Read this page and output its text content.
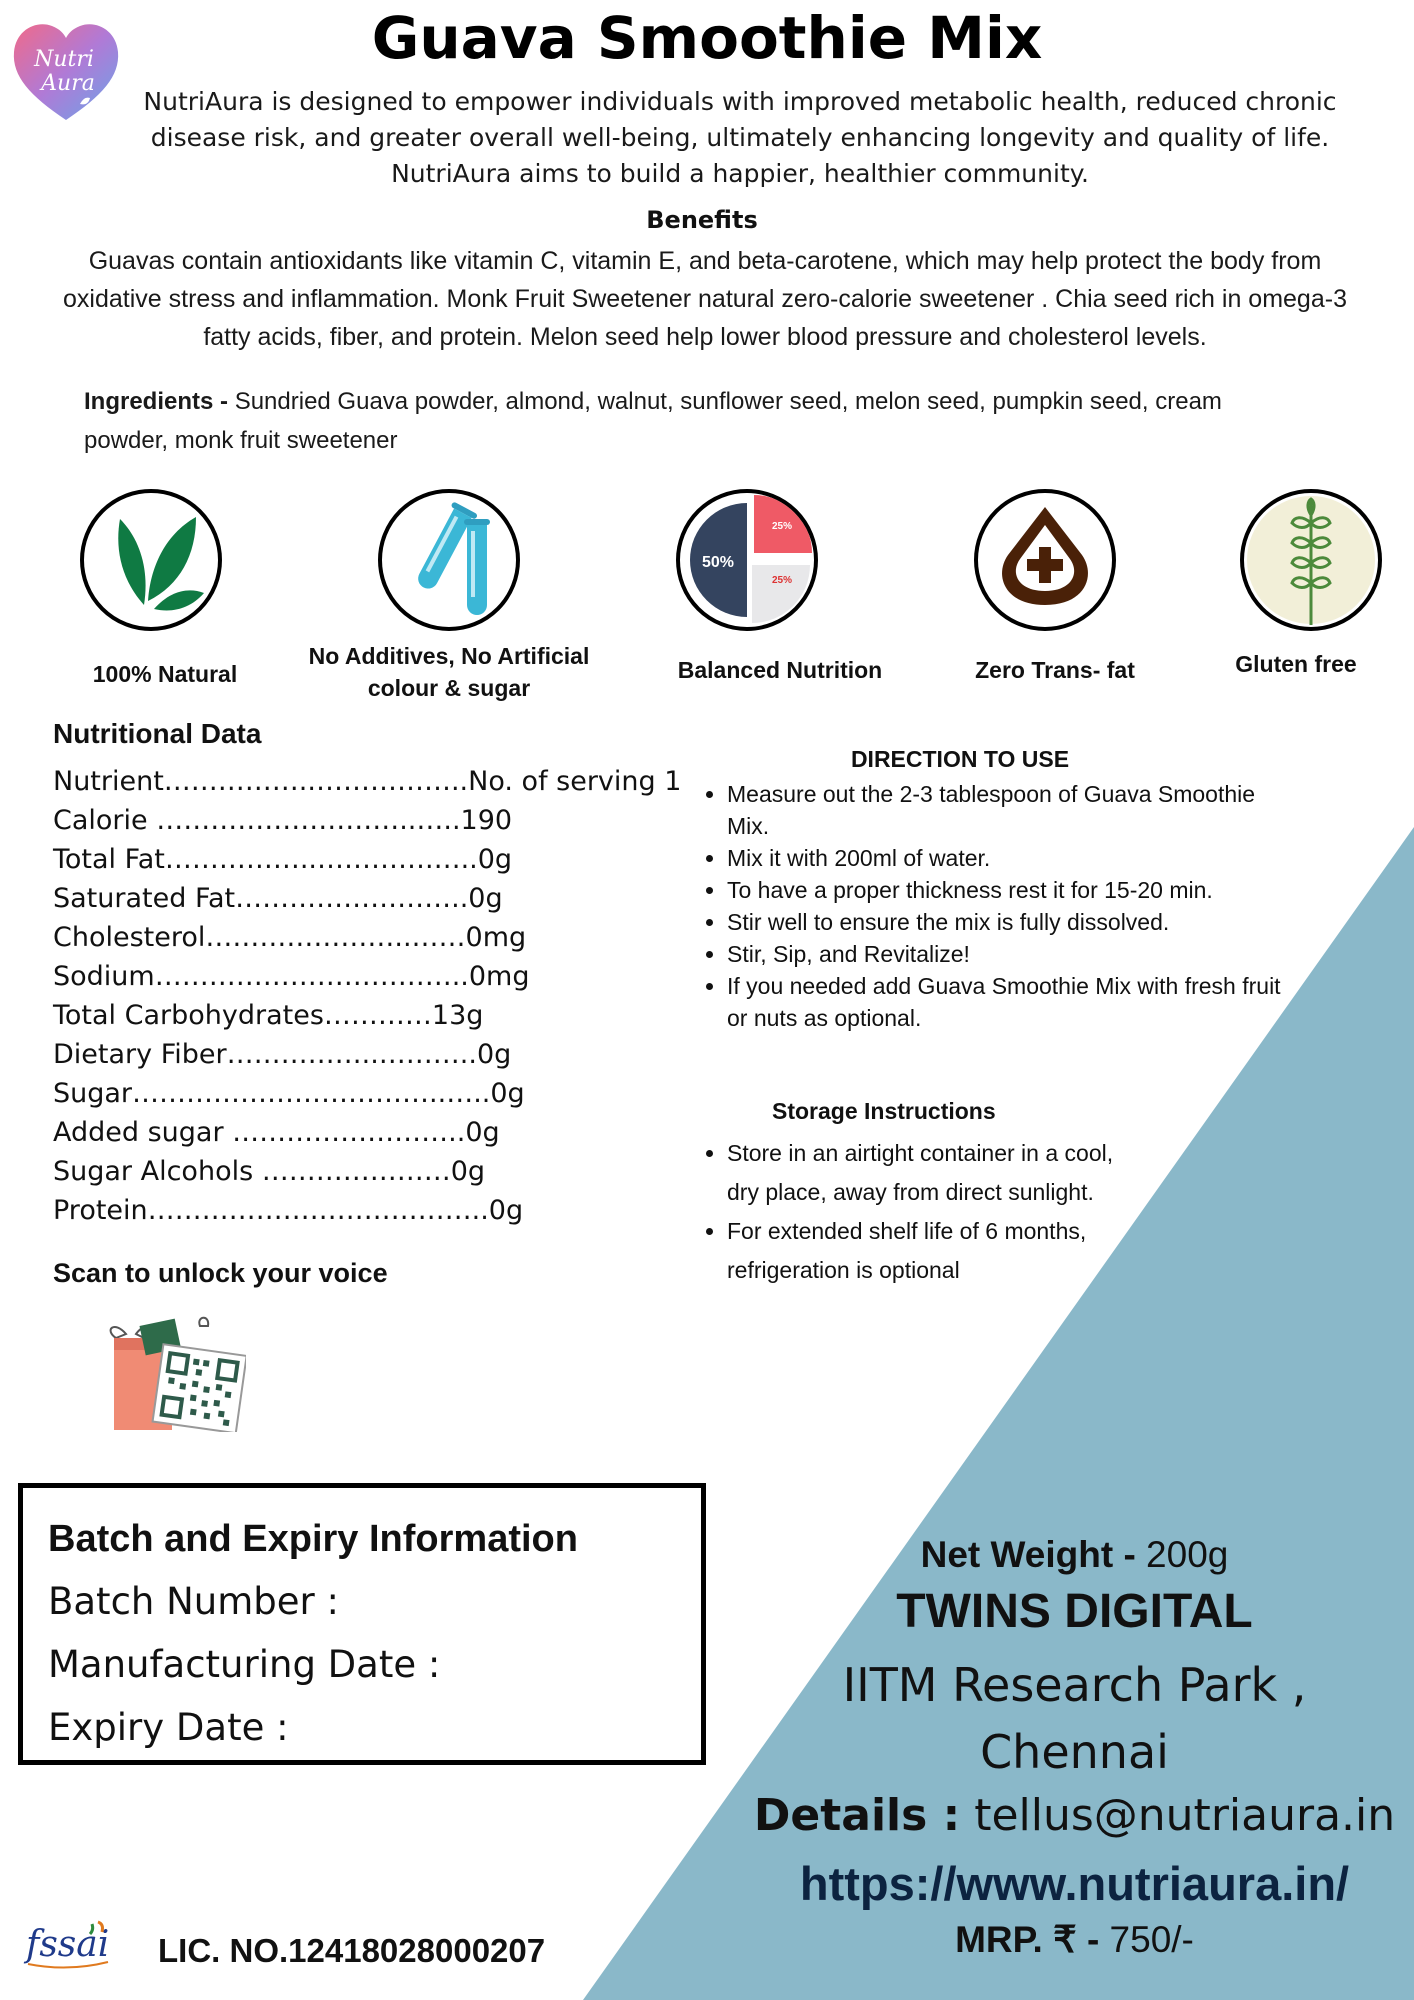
Nutri
Aura
Guava Smoothie Mix
NutriAura is designed to empower individuals with improved metabolic health, reduced chronic disease risk, and greater overall well-being, ultimately enhancing longevity and quality of life. NutriAura aims to build a happier, healthier community.
Benefits
Guavas contain antioxidants like vitamin C, vitamin E, and beta-carotene, which may help protect the body from oxidative stress and inflammation. Monk Fruit Sweetener natural zero-calorie sweetener . Chia seed rich in omega-3 fatty acids, fiber, and protein. Melon seed help lower blood pressure and cholesterol levels.
Ingredients - Sundried Guava powder, almond, walnut, sunflower seed, melon seed, pumpkin seed, cream powder, monk fruit sweetener
100% Natural
No Additives, No Artificial colour & sugar
50%
25%
25%
Balanced Nutrition	Zero Trans- fat	Gluten free
Nutritional Data
Nutrient……………..……………..No. of serving 1
Calorie ………………………..…..190
Total Fat……………..………….…..0g
Saturated Fat……………………..0g
Cholesterol…………………..……0mg
Sodium……………………………..0mg
Total Carbohydrates…………13g
Dietary Fiber……………..………..0g
Sugar……………………………..…..0g
Added sugar ……………………..0g
Sugar Alcohols …………………0g
Protein………………………………..0g
DIRECTION TO USE
• Measure out the 2-3 tablespoon of Guava Smoothie Mix.
• Mix it with 200ml of water.
• To have a proper thickness rest it for 15-20 min.
• Stir well to ensure the mix is fully dissolved.
• Stir, Sip, and Revitalize!
• If you needed add Guava Smoothie Mix with fresh fruit or nuts as optional.
Storage Instructions
• Store in an airtight container in a cool, dry place, away from direct sunlight.
• For extended shelf life of 6 months, refrigeration is optional
Scan to unlock your voice
Batch and Expiry Information
Batch Number :
Manufacturing Date :
Expiry Date :
Net Weight - 200g
TWINS DIGITAL
IITM Research Park ,
Chennai
Details : tellus@nutriaura.in
https://www.nutriaura.in/
MRP. ₹ - 750/-
fssai LIC. NO.12418028000207
